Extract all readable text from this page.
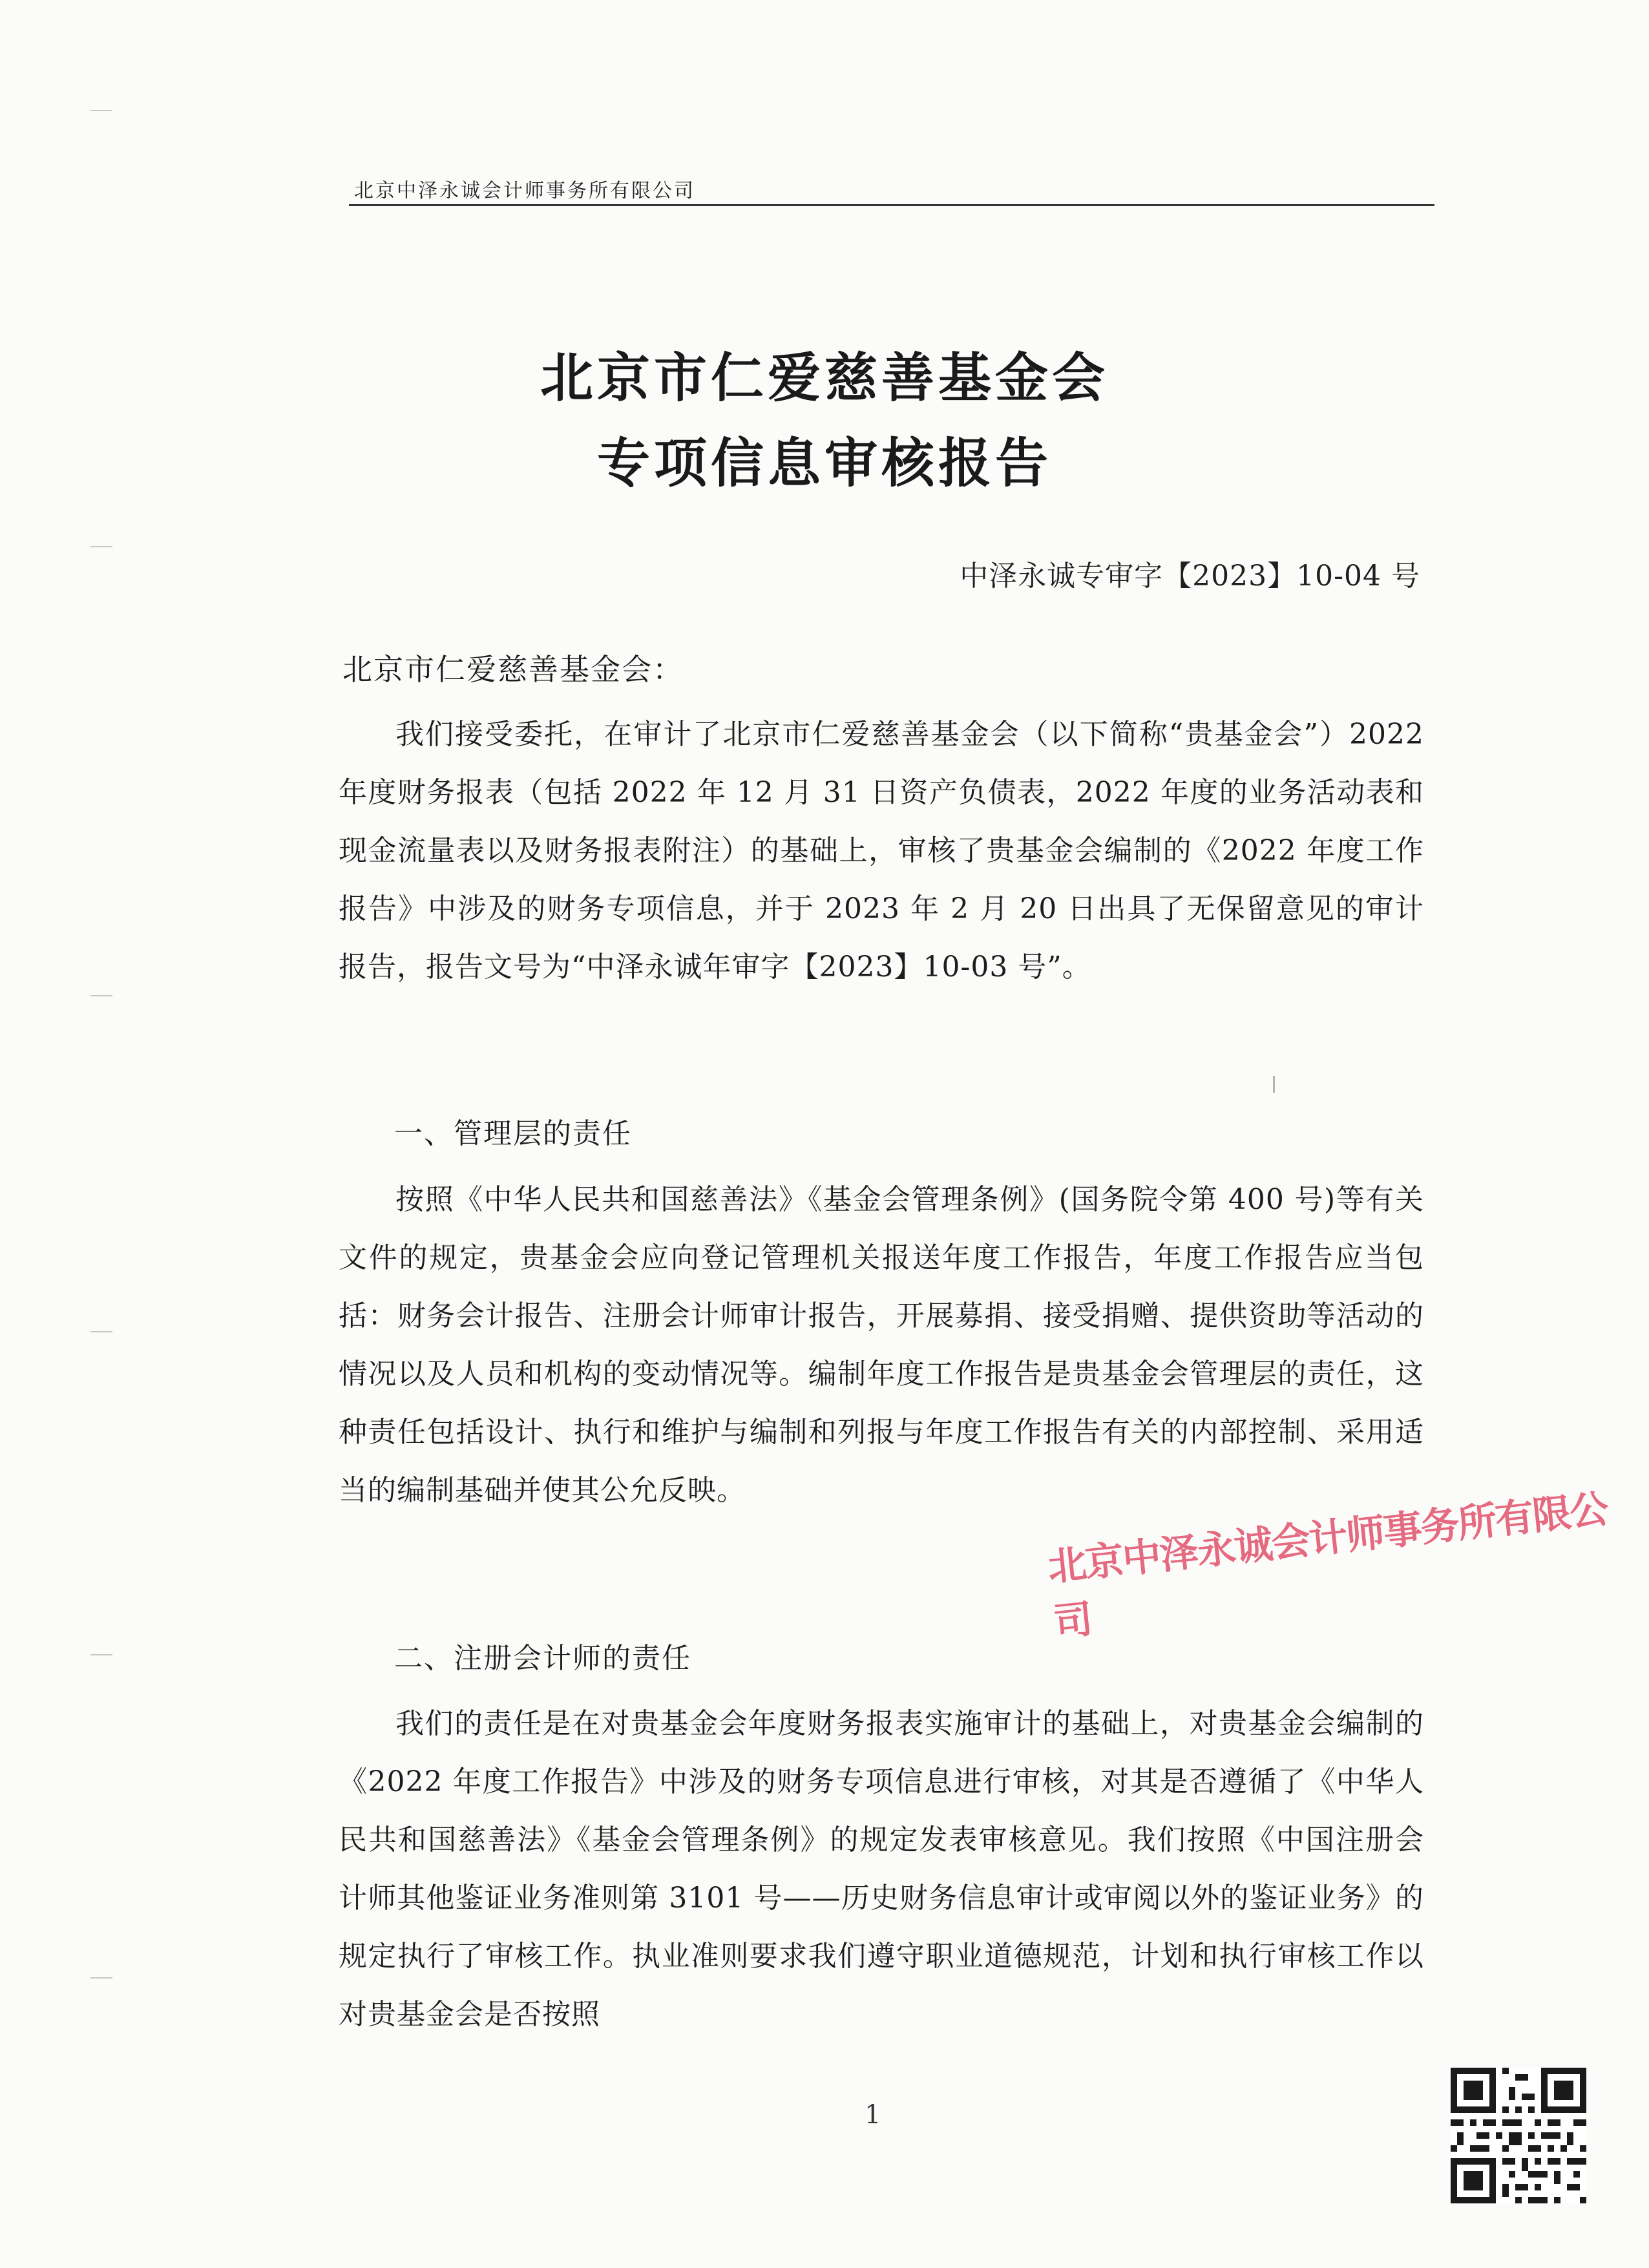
北京中泽永诚会计师事务所有限公司
北京市仁爱慈善基金会
专项信息审核报告
中泽永诚专审字【2023】10-04 号
北京市仁爱慈善基金会：

我们接受委托，在审计了北京市仁爱慈善基金会（以下简称“贵基金会”）2022 年度财务报表（包括 2022 年 12 月 31 日资产负债表，2022 年度的业务活动表和现金流量表以及财务报表附注）的基础上，审核了贵基金会编制的《2022 年度工作报告》中涉及的财务专项信息，并于 2023 年 2 月 20 日出具了无保留意见的审计报告，报告文号为“中泽永诚年审字【2023】10-03 号”。

一、管理层的责任

按照《中华人民共和国慈善法》《基金会管理条例》(国务院令第 400 号)等有关文件的规定，贵基金会应向登记管理机关报送年度工作报告，年度工作报告应当包括：财务会计报告、注册会计师审计报告，开展募捐、接受捐赠、提供资助等活动的情况以及人员和机构的变动情况等。编制年度工作报告是贵基金会管理层的责任，这种责任包括设计、执行和维护与编制和列报与年度工作报告有关的内部控制、采用适当的编制基础并使其公允反映。	北京中泽永诚会计师事务所有限公司
二、注册会计师的责任

我们的责任是在对贵基金会年度财务报表实施审计的基础上，对贵基金会编制的《2022 年度工作报告》中涉及的财务专项信息进行审核，对其是否遵循了《中华人民共和国慈善法》《基金会管理条例》的规定发表审核意见。我们按照《中国注册会计师其他鉴证业务准则第 3101 号——历史财务信息审计或审阅以外的鉴证业务》的规定执行了审核工作。执业准则要求我们遵守职业道德规范，计划和执行审核工作以对贵基金会是否按照

1
